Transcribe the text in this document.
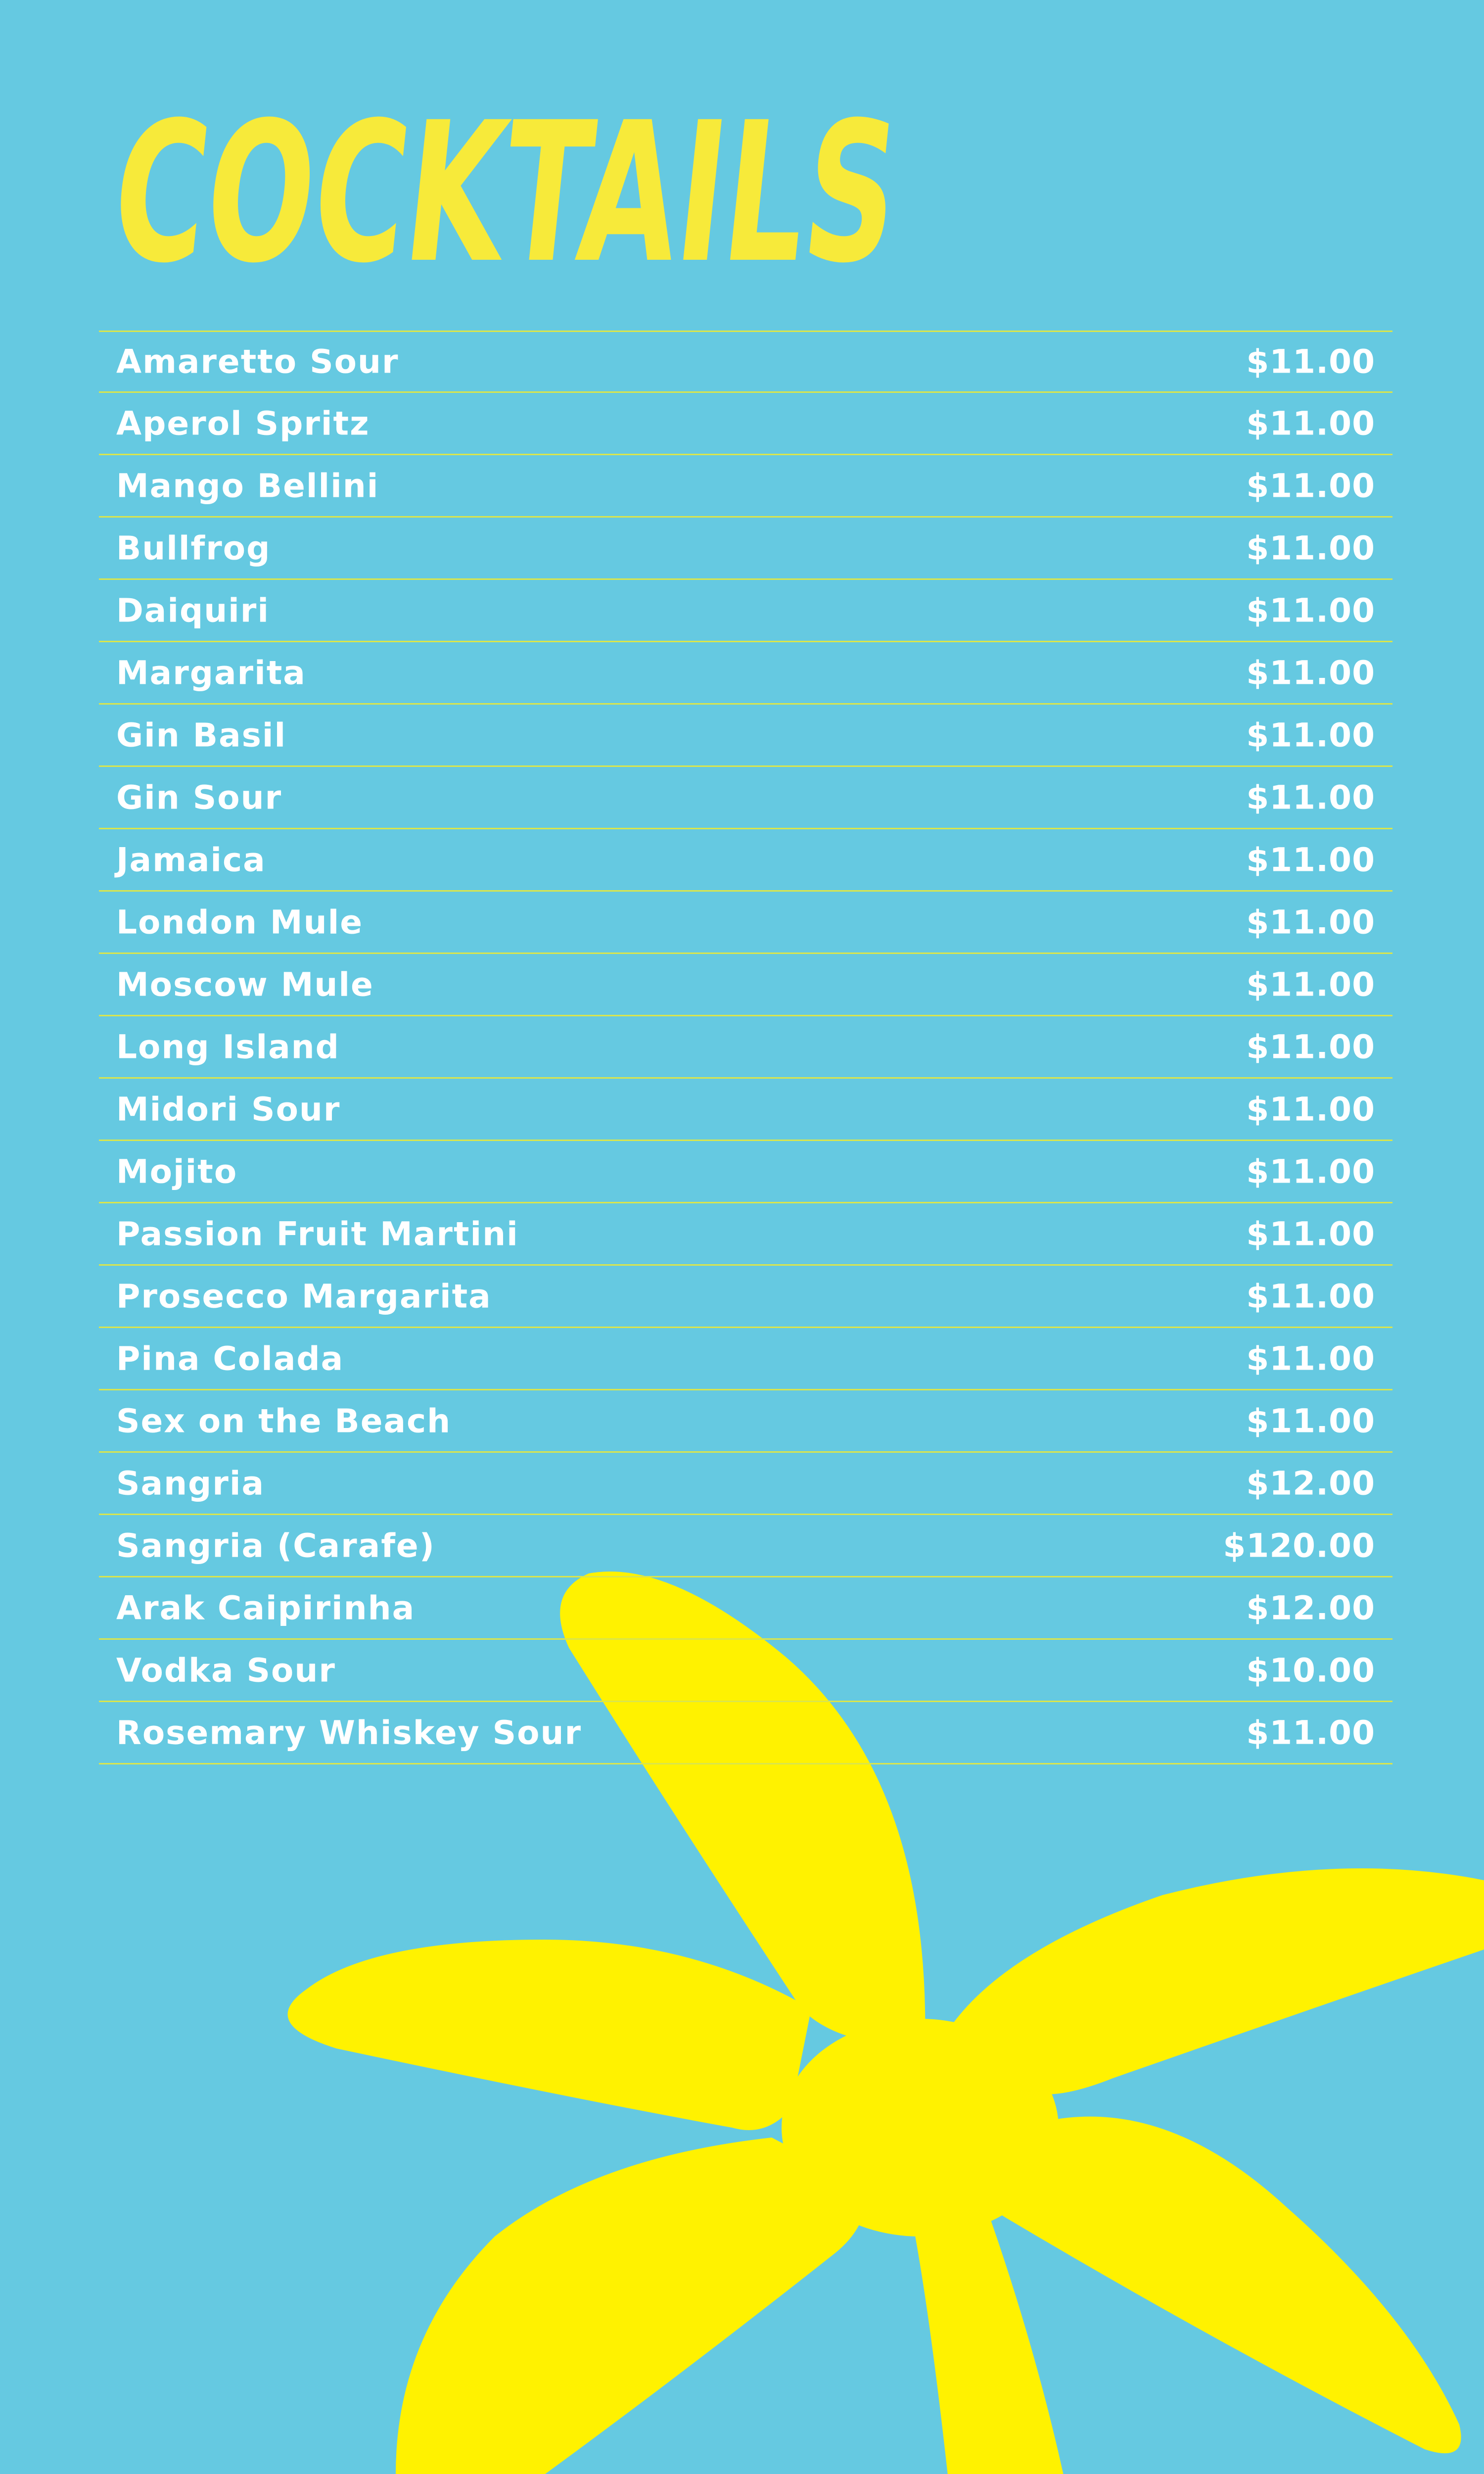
COCKTAILS
Amaretto Sour	$11.00
Aperol Spritz	$11.00
Mango Bellini	$11.00
Bullfrog	$11.00
Daiquiri	$11.00
Margarita	$11.00
Gin Basil	$11.00
Gin Sour	$11.00
Jamaica	$11.00
London Mule	$11.00
Moscow Mule	$11.00
Long Island	$11.00
Midori Sour	$11.00
Mojito	$11.00
Passion Fruit Martini	$11.00
Prosecco Margarita	$11.00
Pina Colada	$11.00
Sex on the Beach	$11.00
Sangria	$12.00
Sangria (Carafe)	$120.00
Arak Caipirinha	$12.00
Vodka Sour	$10.00
Rosemary Whiskey Sour	$11.00
